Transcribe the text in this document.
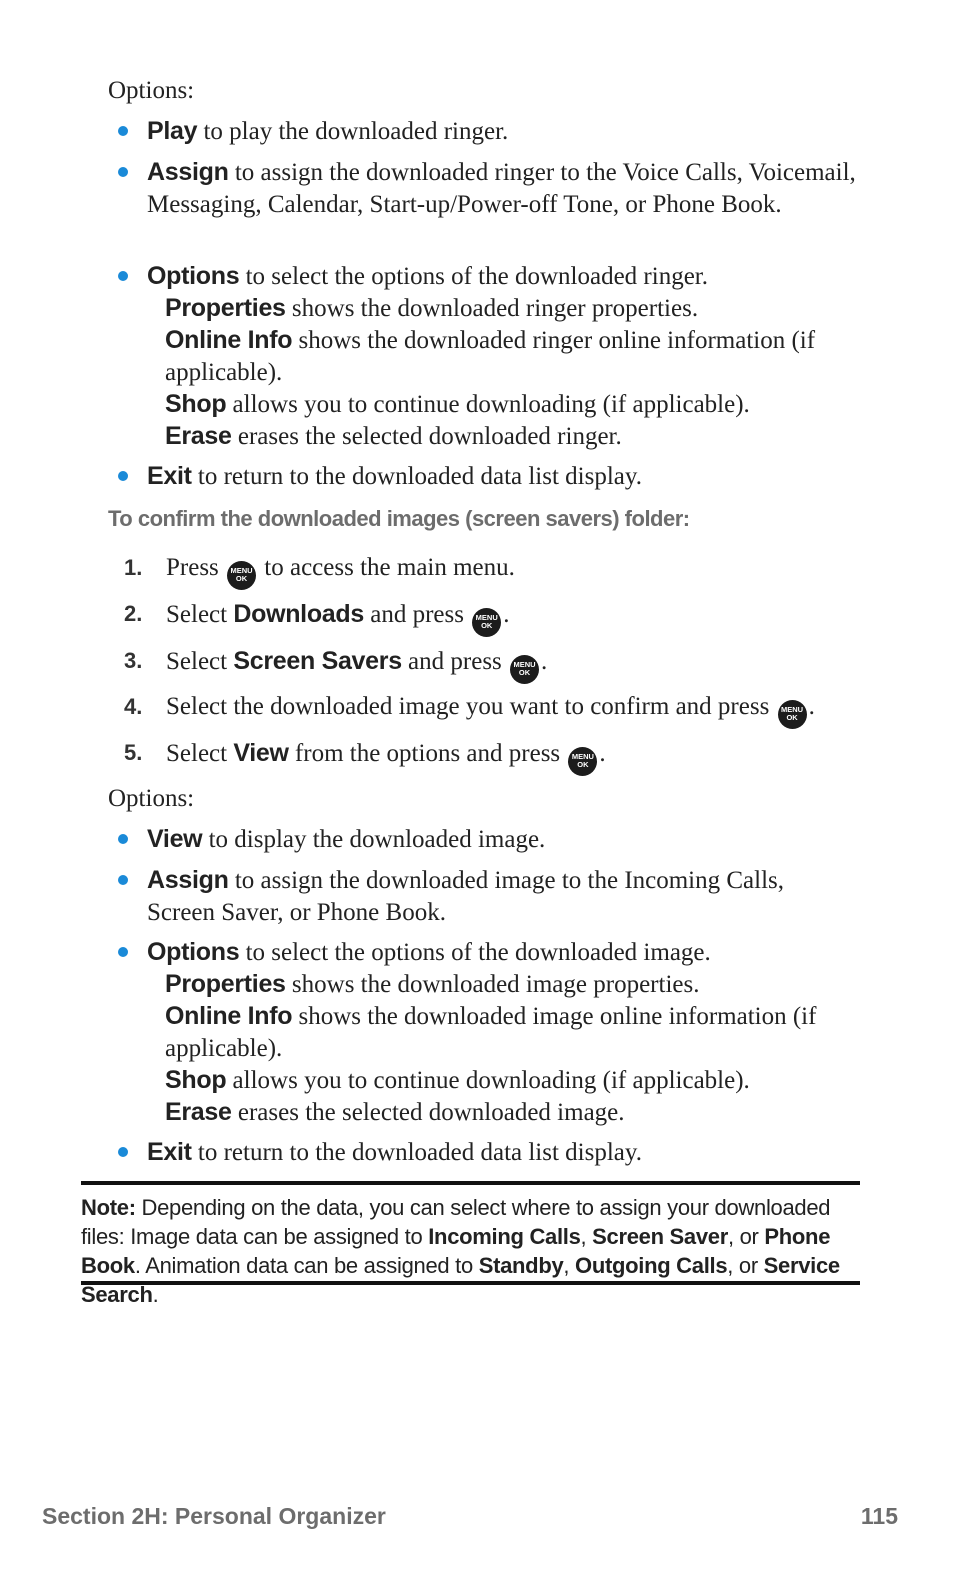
Options:
Play to play the downloaded ringer.
Assign to assign the downloaded ringer to the Voice Calls, Voicemail, Messaging, Calendar, Start-up/Power-off Tone, or Phone Book.
Options to select the options of the downloaded ringer.
Properties shows the downloaded ringer properties.
Online Info shows the downloaded ringer online information (if applicable).
Shop allows you to continue downloading (if applicable).
Erase erases the selected downloaded ringer.
Exit to return to the downloaded data list display.
To confirm the downloaded images (screen savers) folder:
1. Press MENU
OK to access the main menu.
2. Select Downloads and press MENU
OK .
3. Select Screen Savers and press MENU
OK .
4. Select the downloaded image you want to confirm and press MENU
OK .
5. Select View from the options and press MENU
OK .
Options:
View to display the downloaded image.
Assign to assign the downloaded image to the Incoming Calls, Screen Saver, or Phone Book.
Options to select the options of the downloaded image.
Properties shows the downloaded image properties.
Online Info shows the downloaded image online information (if applicable).
Shop allows you to continue downloading (if applicable).
Erase erases the selected downloaded image.
Exit to return to the downloaded data list display.
Note: Depending on the data, you can select where to assign your downloaded files: Image data can be assigned to Incoming Calls, Screen Saver, or Phone Book. Animation data can be assigned to Standby, Outgoing Calls, or Service Search.
Section 2H: Personal Organizer	115
